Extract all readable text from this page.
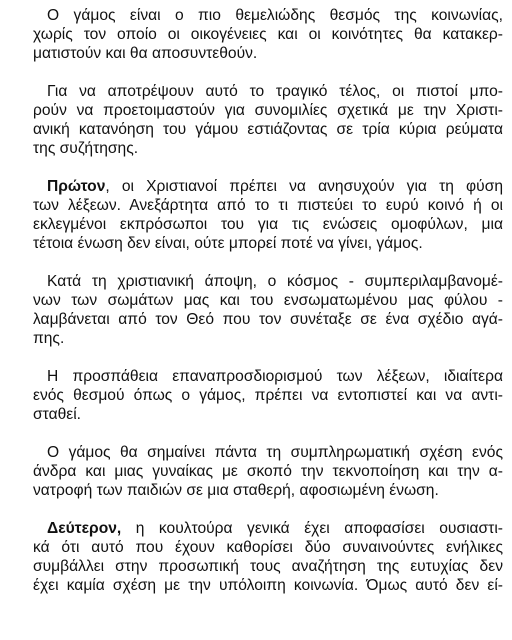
Ο γάμος είναι ο πιο θεμελιώδης θεσμός της κοινωνίας,
χωρίς τον οποίο οι οικογένειες και οι κοινότητες θα κατακερ-
ματιστούν και θα αποσυντεθούν.

Για να αποτρέψουν αυτό το τραγικό τέλος, οι πιστοί μπο-
ρούν να προετοιμαστούν για συνομιλίες σχετικά με την Χριστι-
ανική κατανόηση του γάμου εστιάζοντας σε τρία κύρια ρεύματα
της συζήτησης.

Πρώτον, οι Χριστιανοί πρέπει να ανησυχούν για τη φύση
των λέξεων. Ανεξάρτητα από το τι πιστεύει το ευρύ κοινό ή οι
εκλεγμένοι εκπρόσωποι του για τις ενώσεις ομοφύλων, μια
τέτοια ένωση δεν είναι, ούτε μπορεί ποτέ να γίνει, γάμος.

Κατά τη χριστιανική άποψη, ο κόσμος - συμπεριλαμβανομέ-
νων των σωμάτων μας και του ενσωματωμένου μας φύλου -
λαμβάνεται από τον Θεό που τον συνέταξε σε ένα σχέδιο αγά-
πης.

Η προσπάθεια επαναπροσδιορισμού των λέξεων, ιδιαίτερα
ενός θεσμού όπως ο γάμος, πρέπει να εντοπιστεί και να αντι-
σταθεί.

Ο γάμος θα σημαίνει πάντα τη συμπληρωματική σχέση ενός
άνδρα και μιας γυναίκας με σκοπό την τεκνοποίηση και την α-
νατροφή των παιδιών σε μια σταθερή, αφοσιωμένη ένωση.

Δεύτερον, η κουλτούρα γενικά έχει αποφασίσει ουσιαστι-
κά ότι αυτό που έχουν καθορίσει δύο συναινούντες ενήλικες
συμβάλλει στην προσωπική τους αναζήτηση της ευτυχίας δεν
έχει καμία σχέση με την υπόλοιπη κοινωνία. Όμως αυτό δεν εί-
